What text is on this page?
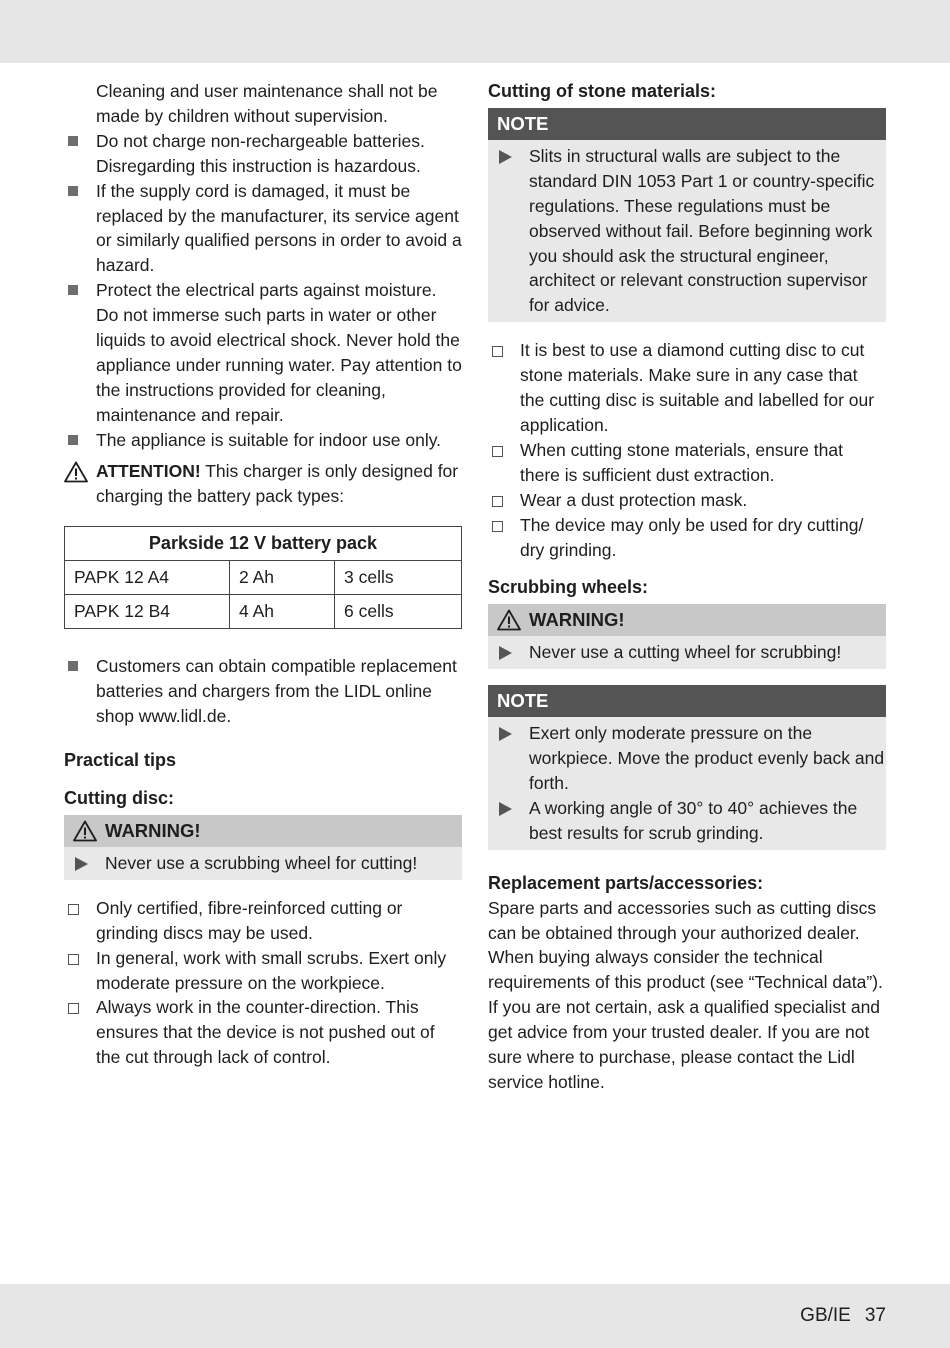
Cleaning and user maintenance shall not be made by children without supervision.
Do not charge non-rechargeable batteries. Disregarding this instruction is hazardous.
If the supply cord is damaged, it must be replaced by the manufacturer, its service agent or similarly qualified persons in order to avoid a hazard.
Protect the electrical parts against moisture. Do not immerse such parts in water or other liquids to avoid electrical shock. Never hold the appliance under running water. Pay attention to the instructions provided for cleaning, maintenance and repair.
The appliance is suitable for indoor use only.
ATTENTION! This charger is only designed for charging the battery pack types:
Parkside 12 V battery pack		
PAPK 12 A4	2 Ah	3 cells
PAPK 12 B4	4 Ah	6 cells
Customers can obtain compatible replacement batteries and chargers from the LIDL online shop www.lidl.de.
Practical tips
Cutting disc:
WARNING!
Never use a scrubbing wheel for cutting!
Only certified, fibre-reinforced cutting or grinding discs may be used.
In general, work with small scrubs. Exert only moderate pressure on the workpiece.
Always work in the counter-direction. This ensures that the device is not pushed out of the cut through lack of control.
Cutting of stone materials:
NOTE
Slits in structural walls are subject to the standard DIN 1053 Part 1 or country-specific regulations. These regulations must be observed without fail. Before beginning work you should ask the structural engineer, architect or relevant construction supervisor for advice.
It is best to use a diamond cutting disc to cut stone materials. Make sure in any case that the cutting disc is suitable and labelled for our application.
When cutting stone materials, ensure that there is sufficient dust extraction.
Wear a dust protection mask.
The device may only be used for dry cutting/ dry grinding.
Scrubbing wheels:
WARNING!
Never use a cutting wheel for scrubbing!
NOTE
Exert only moderate pressure on the workpiece. Move the product evenly back and forth.
A working angle of 30° to 40° achieves the best results for scrub grinding.
Replacement parts/accessories:

Spare parts and accessories such as cutting discs can be obtained through your authorized dealer. When buying always consider the technical requirements of this product (see “Technical data”). If you are not certain, ask a qualified specialist and get advice from your trusted dealer. If you are not sure where to purchase, please contact the Lidl service hotline.

GB/IE 37
